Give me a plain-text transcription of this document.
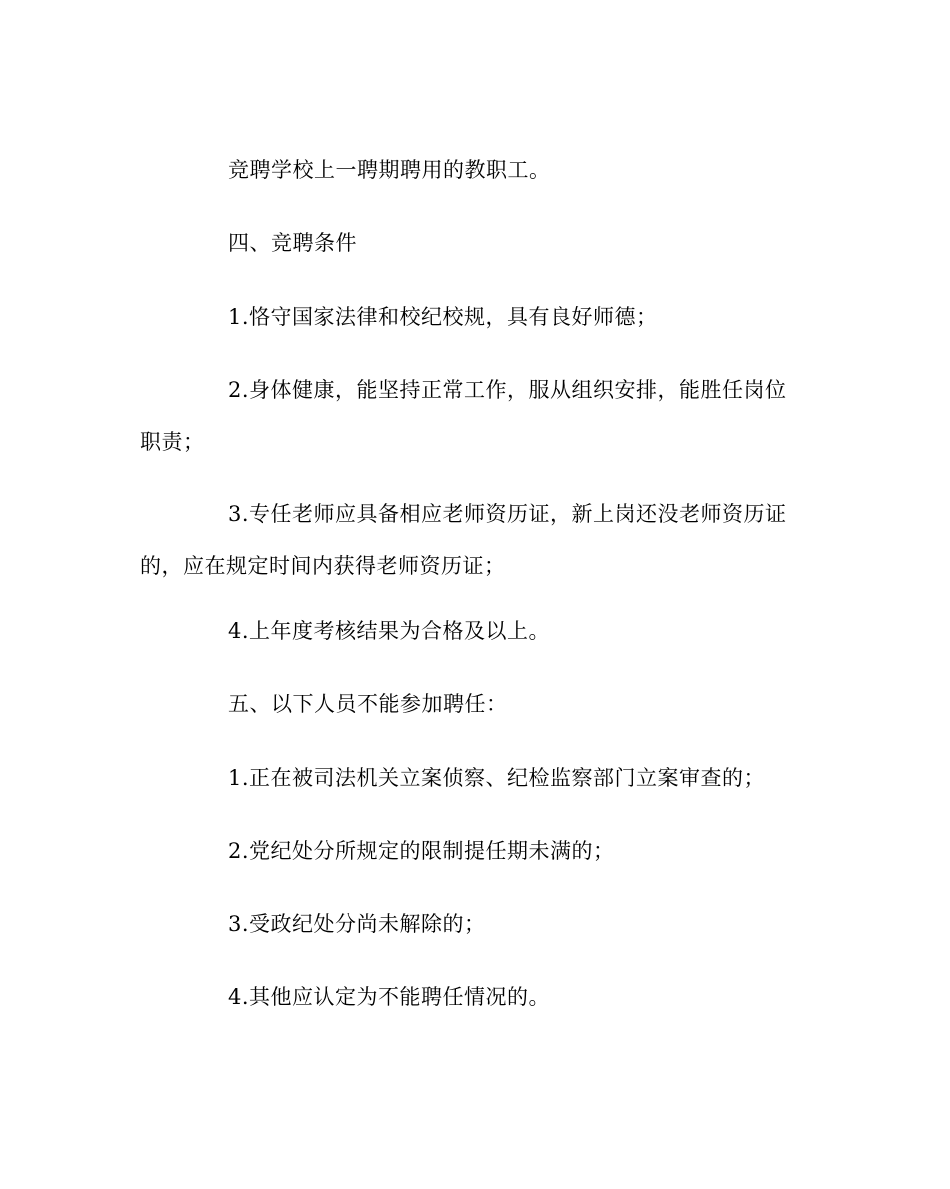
竞聘学校上一聘期聘用的教职工。

四、竞聘条件

1.恪守国家法律和校纪校规，具有良好师德；

2.身体健康，能坚持正常工作，服从组织安排，能胜任岗位职责；

3.专任老师应具备相应老师资历证，新上岗还没老师资历证的，应在规定时间内获得老师资历证；

4.上年度考核结果为合格及以上。

五、以下人员不能参加聘任：

1.正在被司法机关立案侦察、纪检监察部门立案审查的；

2.党纪处分所规定的限制提任期未满的；

3.受政纪处分尚未解除的；

4.其他应认定为不能聘任情况的。
